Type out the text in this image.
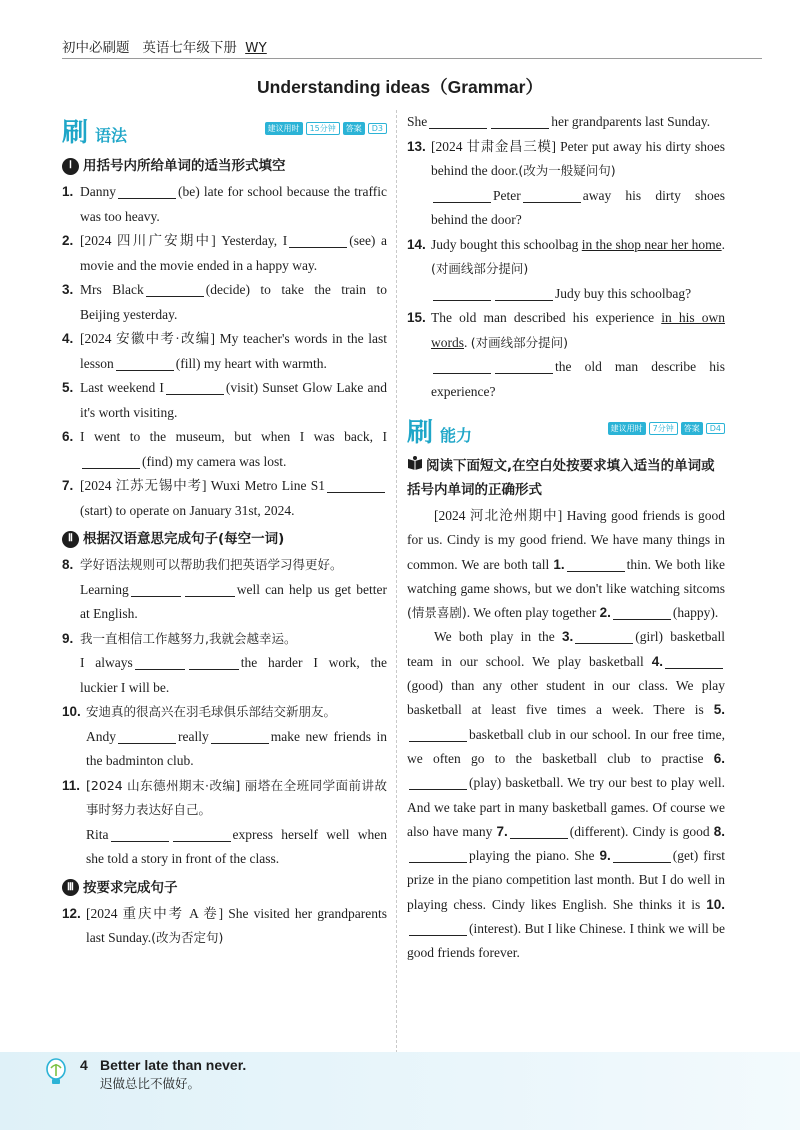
初中必刷题 英语七年级下册 WY
Understanding ideas（Grammar）
刷 语法	建议用时	15分钟	答案	D3
Ⅰ 用括号内所给单词的适当形式填空
1. Danny	(be) late for school because the traffic was too heavy.
2. [2024 四川广安期中] Yesterday, I	(see) a movie and the movie ended in a happy way.
3. Mrs Black	(decide) to take the train to Beijing yesterday.
4. [2024 安徽中考·改编] My teacher's words in the last lesson	(fill) my heart with warmth.
5. Last weekend I	(visit) Sunset Glow Lake and it's worth visiting.
6. I went to the museum, but when I was back, I(find) my camera was lost.
7. [2024 江苏无锡中考] Wuxi Metro Line S1(start) to operate on January 31st, 2024.
Ⅱ 根据汉语意思完成句子(每空一词)
8. 学好语法规则可以帮助我们把英语学习得更好。
Learning	well can help us get better at English.
9. 我一直相信工作越努力,我就会越幸运。
I always	the harder I work, the luckier I will be.
10. 安迪真的很高兴在羽毛球俱乐部结交新朋友。
Andy	really	make new friends in the badminton club.
11. [2024 山东德州期末·改编] 丽塔在全班同学面前讲故事时努力表达好自己。
Rita	express herself well when she told a story in front of the class.
Ⅲ 按要求完成句子
12. [2024 重庆中考 A 卷] She visited her grandparents last Sunday.(改为否定句)
She	her grandparents last Sunday.
13. [2024 甘肃金昌三模] Peter put away his dirty shoes behind the door.(改为一般疑问句)
Peter	away his dirty shoes behind the door?
14. Judy bought this schoolbag in the shop near her home. (对画线部分提问)
Judy buy this schoolbag?
15. The old man described his experience in his own words. (对画线部分提问)
the old man describe his experience?
刷 能力	建议用时	7分钟	答案	D4
阅读下面短文,在空白处按要求填入适当的单词或括号内单词的正确形式

[2024 河北沧州期中] Having good friends is good for us. Cindy is my good friend. We have many things in common. We are both tall 1.	thin. We both like watching game shows, but we don't like watching sitcoms (情景喜剧). We often play together 2.	(happy).

We both play in the 3.	(girl) basketball team in our school. We play basketball 4.(good) than any other student in our class. We play basketball at least five times a week. There is 5.basketball club in our school. In our free time, we often go to the basketball club to practise 6.(play) basketball. We try our best to play well. And we take part in many basketball games. Of course we also have many 7.	(different). Cindy is good 8.playing the piano. She 9.	(get) first prize in the piano competition last month. But I do well in playing chess. Cindy likes English. She thinks it is 10.(interest). But I like Chinese. I think we will be good friends forever.

4 Better late than never.
迟做总比不做好。
